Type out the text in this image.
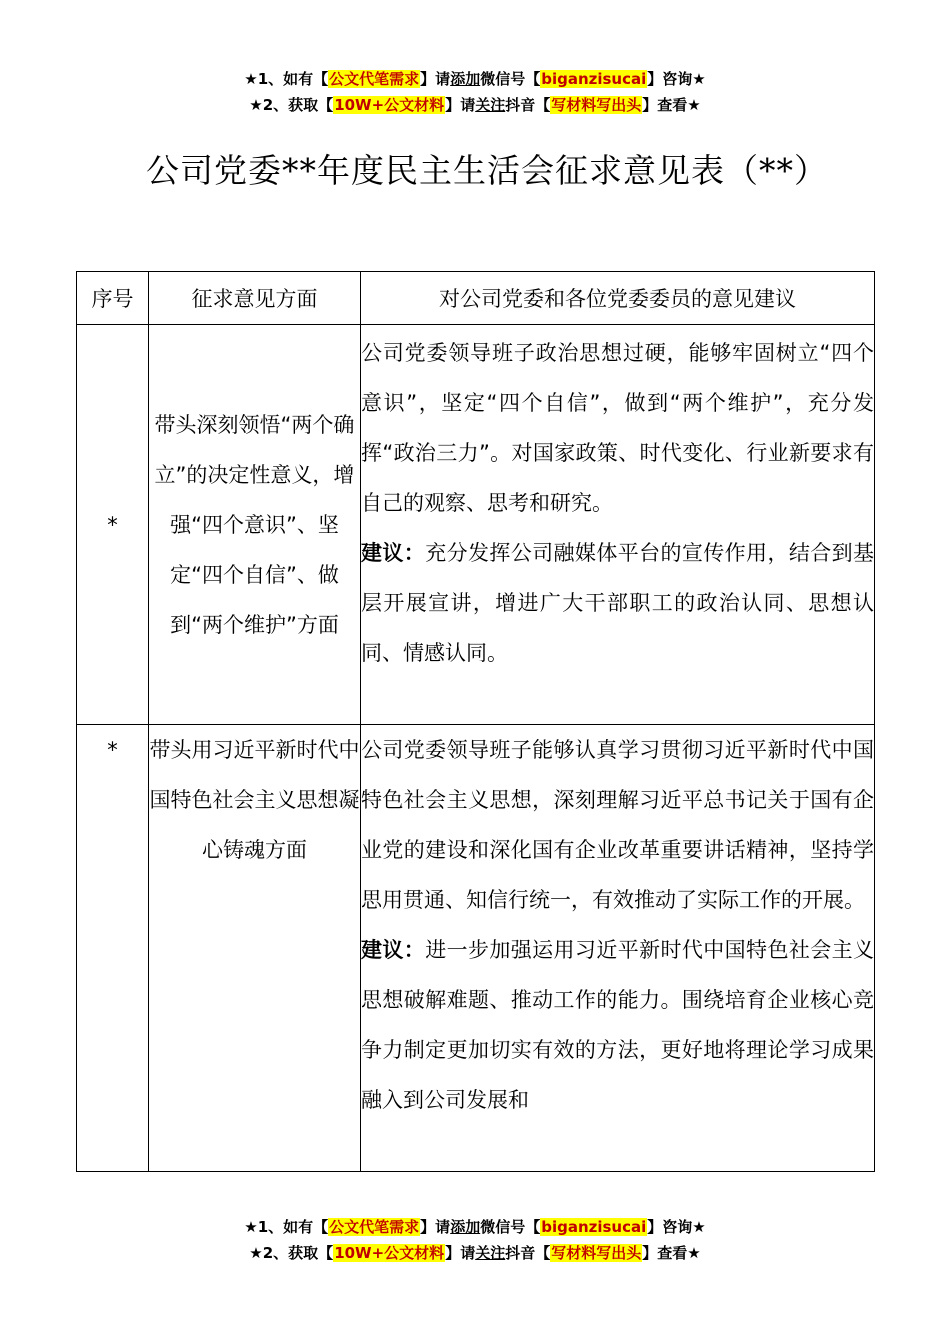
★1、如有【公文代笔需求】请添加微信号【biganzisucai】咨询★
★2、获取【10W+公文材料】请关注抖音【写材料写出头】查看★
公司党委**年度民主生活会征求意见表（**）
序号	征求意见方面	对公司党委和各位党委委员的意见建议
*	带头深刻领悟“两个确立”的决定性意义，增强“四个意识”、坚定“四个自信”、做到“两个维护”方面	公司党委领导班子政治思想过硬，能够牢固树立“四个意识”，坚定“四个自信”，做到“两个维护”，充分发挥“政治三力”。对国家政策、时代变化、行业新要求有自己的观察、思考和研究。

建议：充分发挥公司融媒体平台的宣传作用，结合到基层开展宣讲，增进广大干部职工的政治认同、思想认同、情感认同。

*	带头用习近平新时代中国特色社会主义思想凝心铸魂方面	公司党委领导班子能够认真学习贯彻习近平新时代中国特色社会主义思想，深刻理解习近平总书记关于国有企业党的建设和深化国有企业改革重要讲话精神，坚持学思用贯通、知信行统一，有效推动了实际工作的开展。

建议：进一步加强运用习近平新时代中国特色社会主义思想破解难题、推动工作的能力。围绕培育企业核心竞争力制定更加切实有效的方法，更好地将理论学习成果融入到公司发展和

★1、如有【公文代笔需求】请添加微信号【biganzisucai】咨询★
★2、获取【10W+公文材料】请关注抖音【写材料写出头】查看★
